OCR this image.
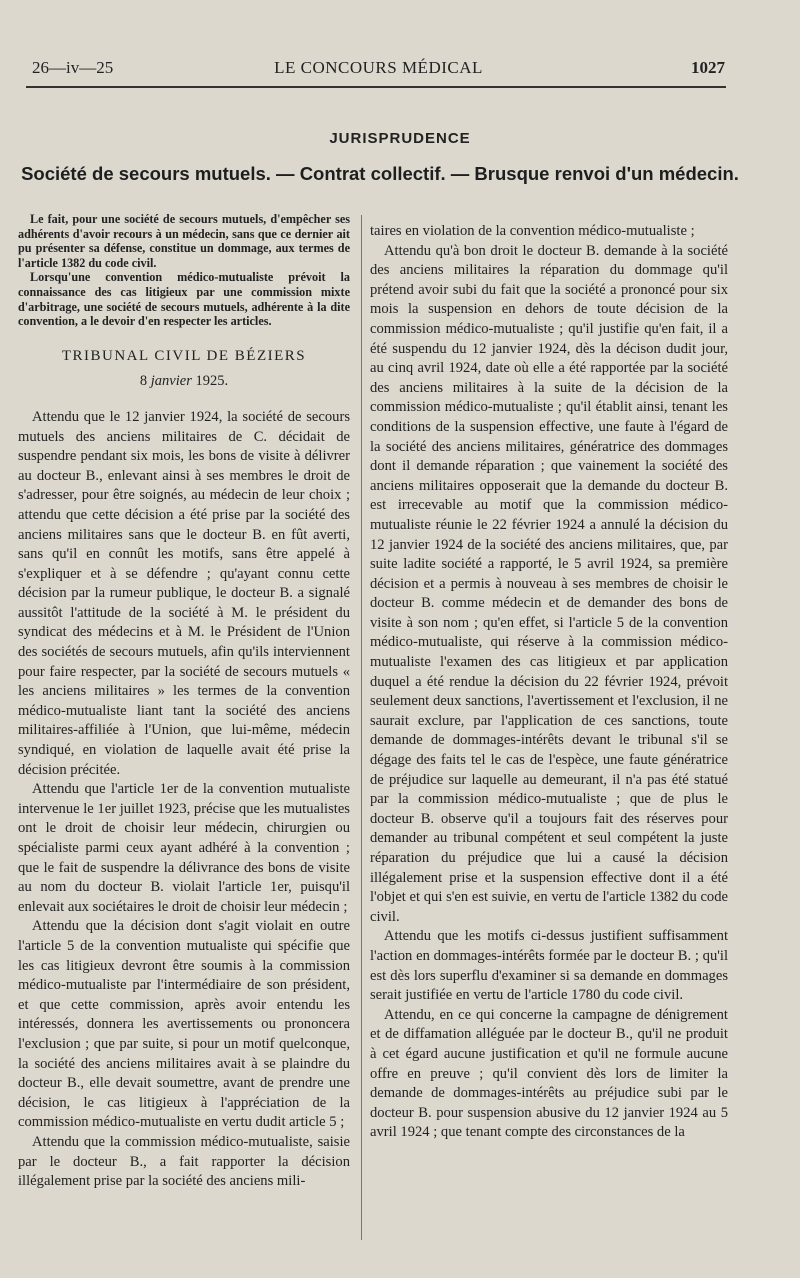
26—iv—25	LE CONCOURS MÉDICAL	1027
JURISPRUDENCE
Société de secours mutuels. — Contrat collectif. — Brusque renvoi d'un médecin.

Le fait, pour une société de secours mutuels, d'empêcher ses adhérents d'avoir recours à un médecin, sans que ce dernier ait pu présenter sa défense, constitue un dommage, aux termes de l'article 1382 du code civil.

Lorsqu'une convention médico-mutualiste prévoit la connaissance des cas litigieux par une commission mixte d'arbitrage, une société de secours mutuels, adhérente à la dite convention, a le devoir d'en respecter les articles.

TRIBUNAL CIVIL DE BÉZIERS
8 janvier 1925.

Attendu que le 12 janvier 1924, la société de secours mutuels des anciens militaires de C. décidait de suspendre pendant six mois, les bons de visite à délivrer au docteur B., enlevant ainsi à ses membres le droit de s'adresser, pour être soignés, au médecin de leur choix ; attendu que cette décision a été prise par la société des anciens militaires sans que le docteur B. en fût averti, sans qu'il en connût les motifs, sans être appelé à s'expliquer et à se défendre ; qu'ayant connu cette décision par la rumeur publique, le docteur B. a signalé aussitôt l'attitude de la société à M. le président du syndicat des médecins et à M. le Président de l'Union des sociétés de secours mutuels, afin qu'ils interviennent pour faire respecter, par la société de secours mutuels « les anciens militaires » les termes de la convention médico-mutualiste liant tant la société des anciens militaires-affiliée à l'Union, que lui-même, médecin syndiqué, en violation de laquelle avait été prise la décision précitée.

Attendu que l'article 1er de la convention mutualiste intervenue le 1er juillet 1923, précise que les mutualistes ont le droit de choisir leur médecin, chirurgien ou spécialiste parmi ceux ayant adhéré à la convention ; que le fait de suspendre la délivrance des bons de visite au nom du docteur B. violait l'article 1er, puisqu'il enlevait aux sociétaires le droit de choisir leur médecin ;

Attendu que la décision dont s'agit violait en outre l'article 5 de la convention mutualiste qui spécifie que les cas litigieux devront être soumis à la commission médico-mutualiste par l'intermédiaire de son président, et que cette commission, après avoir entendu les intéressés, donnera les avertissements ou prononcera l'exclusion ; que par suite, si pour un motif quelconque, la société des anciens militaires avait à se plaindre du docteur B., elle devait soumettre, avant de prendre une décision, le cas litigieux à l'appréciation de la commission médico-mutualiste en vertu dudit article 5 ;

Attendu que la commission médico-mutualiste, saisie par le docteur B., a fait rapporter la décision illégalement prise par la société des anciens mili-

taires en violation de la convention médico-mutualiste ;

Attendu qu'à bon droit le docteur B. demande à la société des anciens militaires la réparation du dommage qu'il prétend avoir subi du fait que la société a prononcé pour six mois la suspension en dehors de toute décision de la commission médico-mutualiste ; qu'il justifie qu'en fait, il a été suspendu du 12 janvier 1924, dès la décison dudit jour, au cinq avril 1924, date où elle a été rapportée par la société des anciens militaires à la suite de la décision de la commission médico-mutualiste ; qu'il établit ainsi, tenant les conditions de la suspension effective, une faute à l'égard de la société des anciens militaires, génératrice des dommages dont il demande réparation ; que vainement la société des anciens militaires opposerait que la demande du docteur B. est irrecevable au motif que la commission médico-mutualiste réunie le 22 février 1924 a annulé la décision du 12 janvier 1924 de la société des anciens militaires, que, par suite ladite société a rapporté, le 5 avril 1924, sa première décision et a permis à nouveau à ses membres de choisir le docteur B. comme médecin et de demander des bons de visite à son nom ; qu'en effet, si l'article 5 de la convention médico-mutualiste, qui réserve à la commission médico-mutualiste l'examen des cas litigieux et par application duquel a été rendue la décision du 22 février 1924, prévoit seulement deux sanctions, l'avertissement et l'exclusion, il ne saurait exclure, par l'application de ces sanctions, toute demande de dommages-intérêts devant le tribunal s'il se dégage des faits tel le cas de l'espèce, une faute génératrice de préjudice sur laquelle au demeurant, il n'a pas été statué par la commission médico-mutualiste ; que de plus le docteur B. observe qu'il a toujours fait des réserves pour demander au tribunal compétent et seul compétent la juste réparation du préjudice que lui a causé la décision illégalement prise et la suspension effective dont il a été l'objet et qui s'en est suivie, en vertu de l'article 1382 du code civil.

Attendu que les motifs ci-dessus justifient suffisamment l'action en dommages-intérêts formée par le docteur B. ; qu'il est dès lors superflu d'examiner si sa demande en dommages serait justifiée en vertu de l'article 1780 du code civil.

Attendu, en ce qui concerne la campagne de dénigrement et de diffamation alléguée par le docteur B., qu'il ne produit à cet égard aucune justification et qu'il ne formule aucune offre en preuve ; qu'il convient dès lors de limiter la demande de dommages-intérêts au préjudice subi par le docteur B. pour suspension abusive du 12 janvier 1924 au 5 avril 1924 ; que tenant compte des circonstances de la
